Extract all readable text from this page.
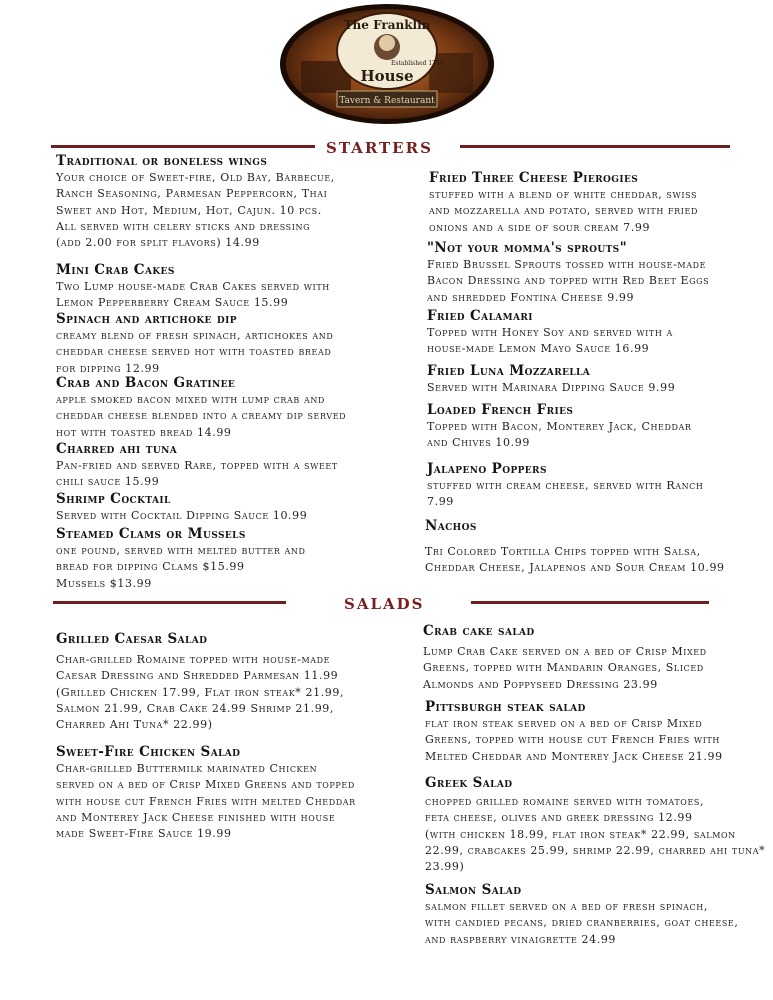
The Franklin
House
Established 1746
Tavern & Restaurant
STARTERS
Traditional or boneless wings
Your choice of Sweet-fire, Old Bay, Barbecue,
Ranch Seasoning, Parmesan Peppercorn, Thai
Sweet and Hot, Medium, Hot, Cajun. 10 pcs.
All served with celery sticks and dressing
(add 2.00 for split flavors) 14.99
Mini Crab Cakes
Two Lump house-made Crab Cakes served with
Lemon Pepperberry Cream Sauce 15.99
Spinach and artichoke dip
creamy blend of fresh spinach, artichokes and
cheddar cheese served hot with toasted bread
for dipping 12.99
Crab and Bacon Gratinee
apple smoked bacon mixed with lump crab and
cheddar cheese blended into a creamy dip served
hot with toasted bread 14.99
Charred ahi tuna
Pan-fried and served Rare, topped with a sweet
chili sauce 15.99
Shrimp Cocktail
Served with Cocktail Dipping Sauce 10.99
Steamed Clams or Mussels
one pound, served with melted butter and
bread for dipping Clams $15.99
Mussels $13.99
Fried Three Cheese Pierogies
stuffed with a blend of white cheddar, swiss
and mozzarella and potato, served with fried
onions and a side of sour cream 7.99
"Not your momma's sprouts"
Fried Brussel Sprouts tossed with house-made
Bacon Dressing and topped with Red Beet Eggs
and shredded Fontina Cheese 9.99
Fried Calamari
Topped with Honey Soy and served with a
house-made Lemon Mayo Sauce 16.99
Fried Luna Mozzarella
Served with Marinara Dipping Sauce 9.99
Loaded French Fries
Topped with Bacon, Monterey Jack, Cheddar
and Chives 10.99
Jalapeno Poppers
stuffed with cream cheese, served with Ranch
7.99
Nachos
Tri Colored Tortilla Chips topped with Salsa,
Cheddar Cheese, Jalapenos and Sour Cream 10.99
SALADS
Grilled Caesar Salad
Char-grilled Romaine topped with house-made
Caesar Dressing and Shredded Parmesan 11.99
(Grilled Chicken 17.99, Flat iron steak* 21.99,
Salmon 21.99, Crab Cake 24.99 Shrimp 21.99,
Charred Ahi Tuna* 22.99)
Sweet-Fire Chicken Salad
Char-grilled Buttermilk marinated Chicken
served on a bed of Crisp Mixed Greens and topped
with house cut French Fries with melted Cheddar
and Monterey Jack Cheese finished with house
made Sweet-Fire Sauce 19.99
Crab cake salad
Lump Crab Cake served on a bed of Crisp Mixed
Greens, topped with Mandarin Oranges, Sliced
Almonds and Poppyseed Dressing 23.99
Pittsburgh steak salad
flat iron steak served on a bed of Crisp Mixed
Greens, topped with house cut French Fries with
Melted Cheddar and Monterey Jack Cheese 21.99
Greek Salad
chopped grilled romaine served with tomatoes,
feta cheese, olives and greek dressing 12.99
(with chicken 18.99, flat iron steak* 22.99, salmon
22.99, crabcakes 25.99, shrimp 22.99, charred ahi tuna*
23.99)
Salmon Salad
salmon fillet served on a bed of fresh spinach,
with candied pecans, dried cranberries, goat cheese,
and raspberry vinaigrette 24.99
